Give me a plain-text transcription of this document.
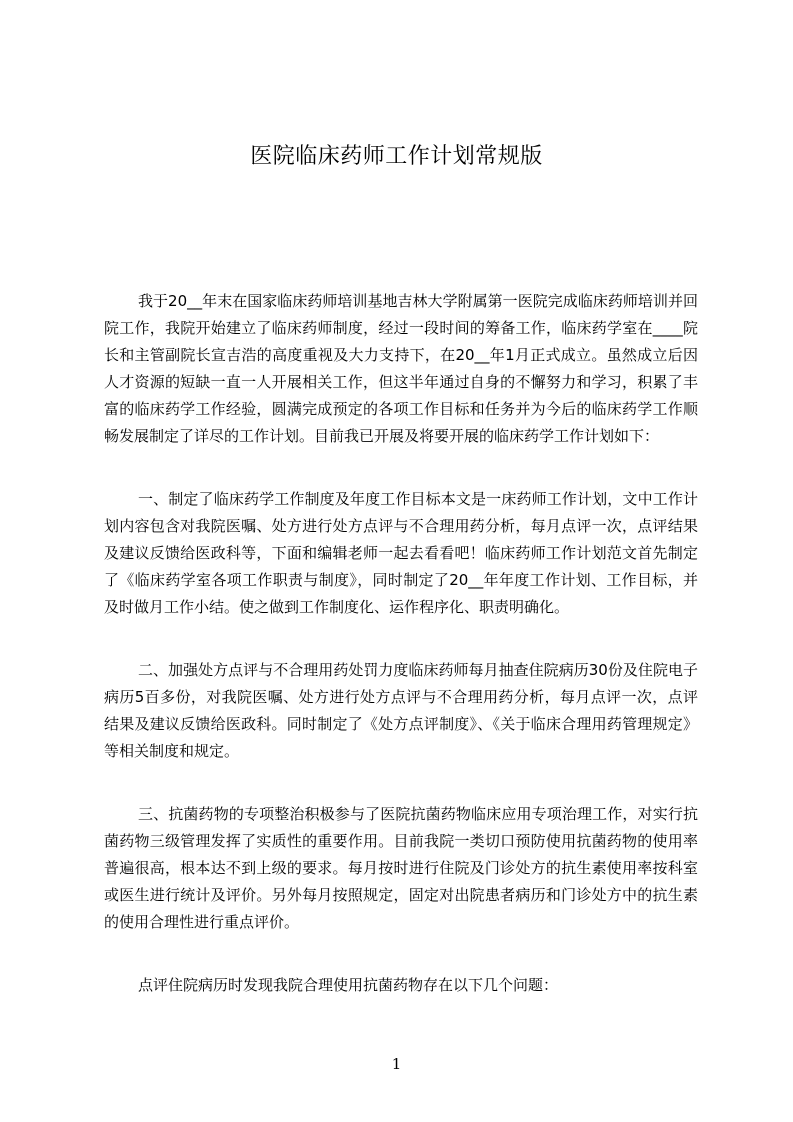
医院临床药师工作计划常规版

我于20__年末在国家临床药师培训基地吉林大学附属第一医院完成临床药师培训并回院工作，我院开始建立了临床药师制度，经过一段时间的筹备工作，临床药学室在____院长和主管副院长宣吉浩的高度重视及大力支持下，在20__年1月正式成立。虽然成立后因人才资源的短缺一直一人开展相关工作，但这半年通过自身的不懈努力和学习，积累了丰富的临床药学工作经验，圆满完成预定的各项工作目标和任务并为今后的临床药学工作顺畅发展制定了详尽的工作计划。目前我已开展及将要开展的临床药学工作计划如下：

一、制定了临床药学工作制度及年度工作目标本文是一床药师工作计划，文中工作计划内容包含对我院医嘱、处方进行处方点评与不合理用药分析，每月点评一次，点评结果及建议反馈给医政科等，下面和编辑老师一起去看看吧！临床药师工作计划范文首先制定了《临床药学室各项工作职责与制度》，同时制定了20__年年度工作计划、工作目标，并及时做月工作小结。使之做到工作制度化、运作程序化、职责明确化。

二、加强处方点评与不合理用药处罚力度临床药师每月抽查住院病历30份及住院电子病历5百多份，对我院医嘱、处方进行处方点评与不合理用药分析，每月点评一次，点评结果及建议反馈给医政科。同时制定了《处方点评制度》、《关于临床合理用药管理规定》等相关制度和规定。

三、抗菌药物的专项整治积极参与了医院抗菌药物临床应用专项治理工作，对实行抗菌药物三级管理发挥了实质性的重要作用。目前我院一类切口预防使用抗菌药物的使用率普遍很高，根本达不到上级的要求。每月按时进行住院及门诊处方的抗生素使用率按科室或医生进行统计及评价。另外每月按照规定，固定对出院患者病历和门诊处方中的抗生素的使用合理性进行重点评价。

点评住院病历时发现我院合理使用抗菌药物存在以下几个问题：

1
